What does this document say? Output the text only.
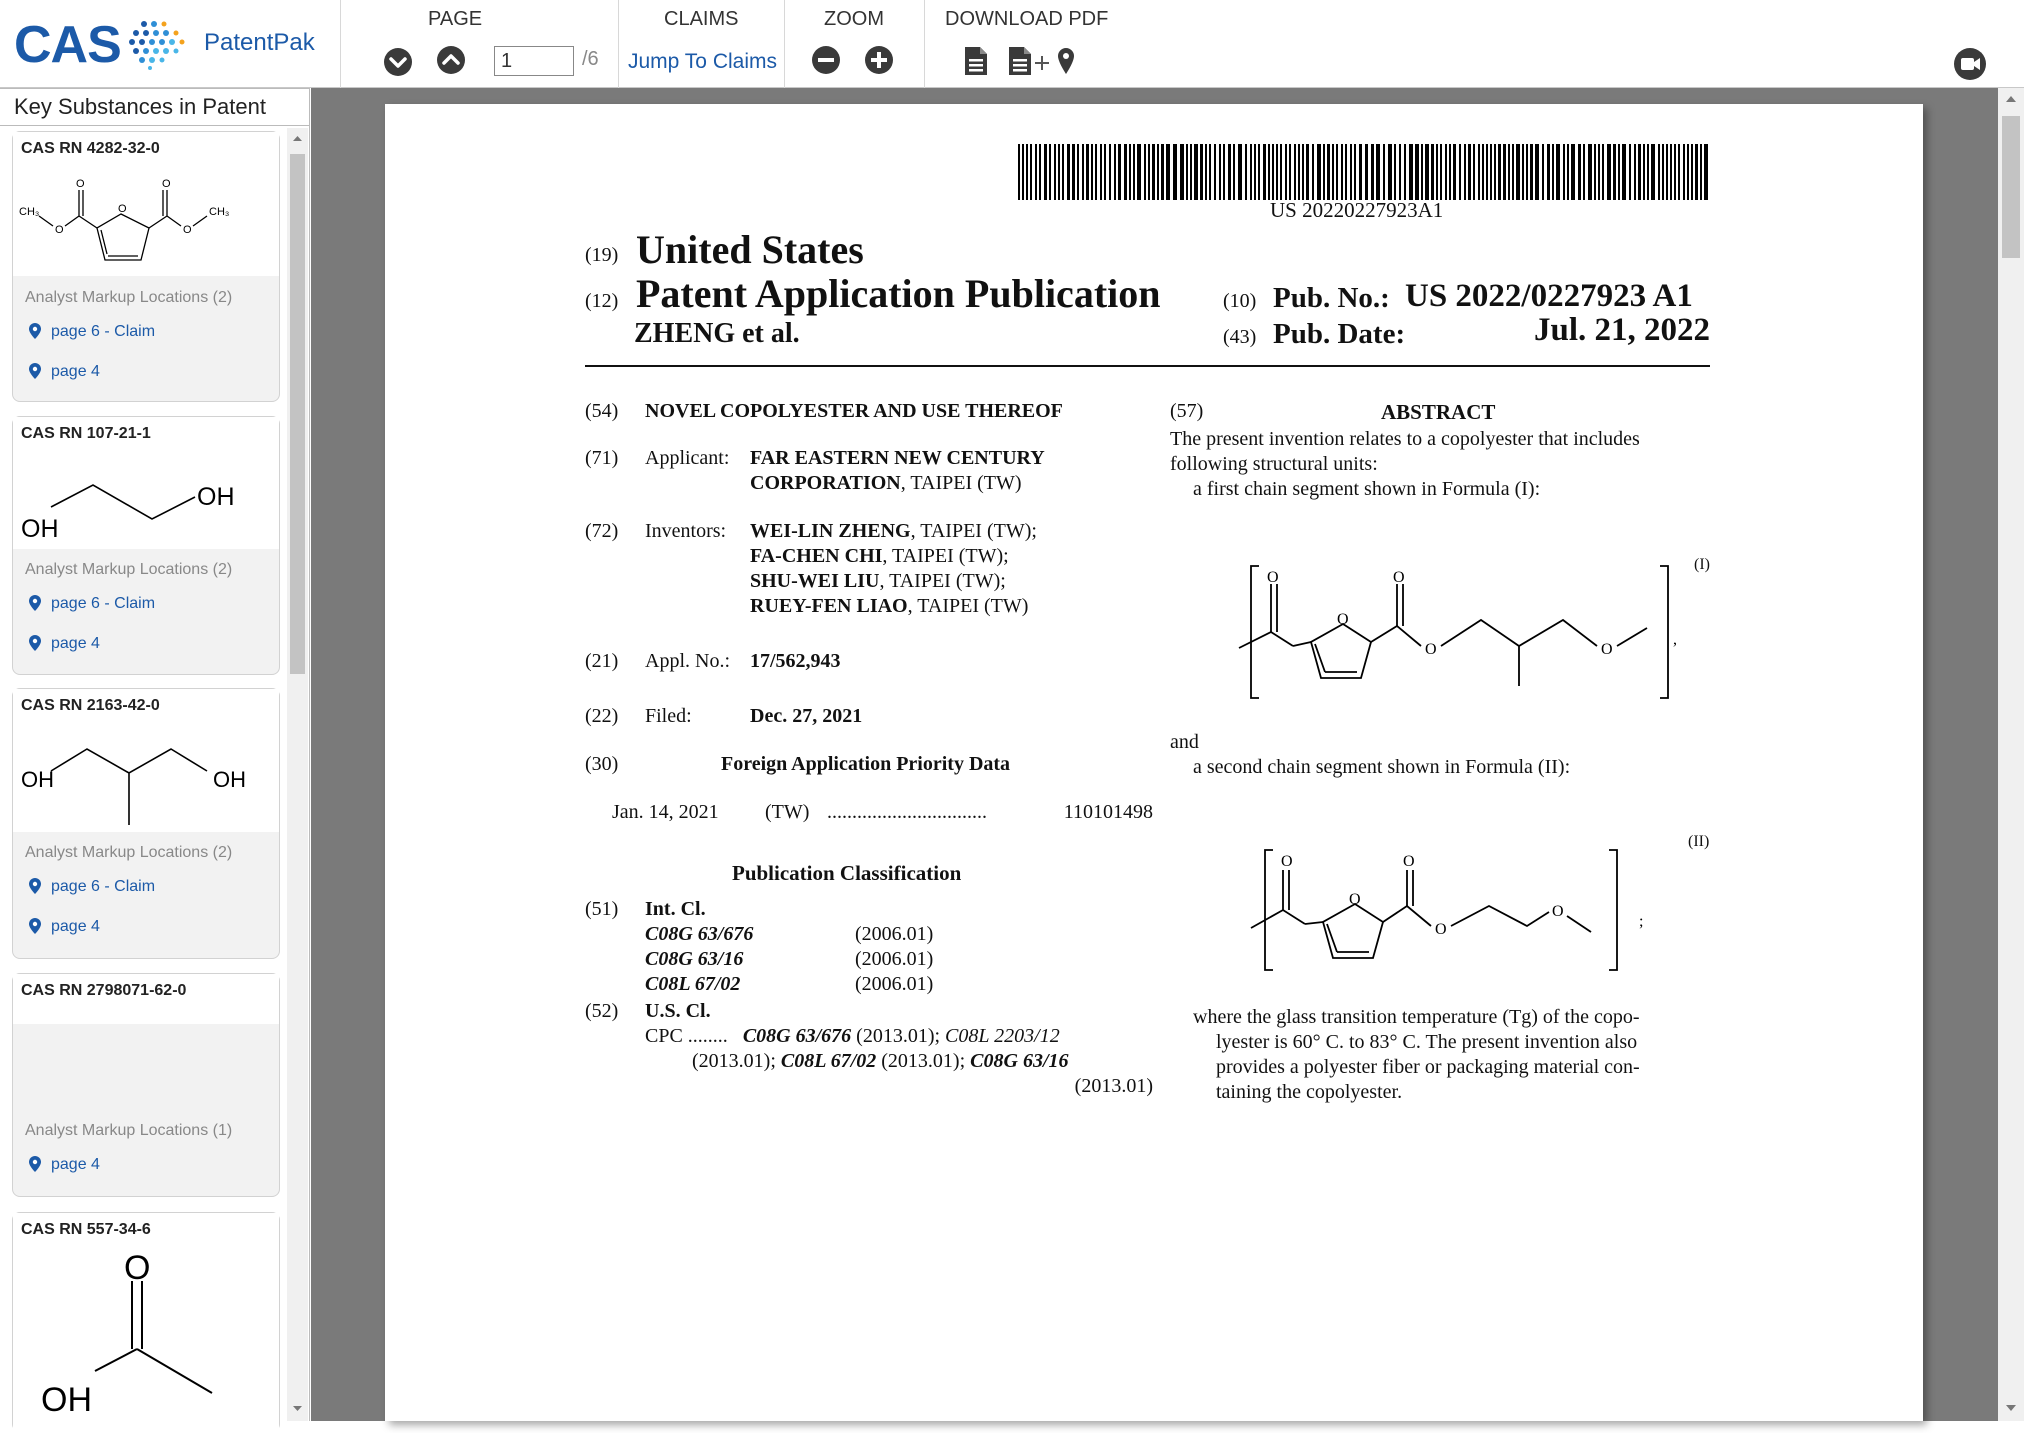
CAS	PatentPak
PAGE
1
/6
CLAIMS
Jump To Claims
ZOOM	DOWNLOAD PDF
Key Substances in Patent
CAS RN 4282-32-0
O
O	O
O	O
CH₃	CH₃
Analyst Markup Locations (2)
page 6 - Claim
page 4
CAS RN 107-21-1
OH
OH
Analyst Markup Locations (2)
page 6 - Claim
page 4
CAS RN 2163-42-0
OH	OH
Analyst Markup Locations (2)
page 6 - Claim
page 4
CAS RN 2798071-62-0
Analyst Markup Locations (1)
page 4
CAS RN 557-34-6
O
OH
US 20220227923A1
(19) United States
(12) Patent Application Publication
ZHENG et al.
(10) Pub. No.: US 2022/0227923 A1
(43) Pub. Date:	Jul. 21, 2022
(54) NOVEL COPOLYESTER AND USE THEREOF
(71) Applicant: FAR EASTERN NEW CENTURY
CORPORATION, TAIPEI (TW)
(72) Inventors: WEI-LIN ZHENG, TAIPEI (TW);
FA-CHEN CHI, TAIPEI (TW);
SHU-WEI LIU, TAIPEI (TW);
RUEY-FEN LIAO, TAIPEI (TW)
(21) Appl. No.: 17/562,943
(22) Filed:	Dec. 27, 2021
(30)	Foreign Application Priority Data
Jan. 14, 2021 (TW) ................................	110101498
Publication Classification
(51) Int. Cl.
C08G 63/676	(2006.01)
C08G 63/16	(2006.01)
C08L 67/02	(2006.01)
(52) U.S. Cl.
CPC ........ C08G 63/676 (2013.01); C08L 2203/12
(2013.01); C08L 67/02 (2013.01); C08G 63/16
(2013.01)
(57)	ABSTRACT
The present invention relates to a copolyester that includes
following structural units:
a first chain segment shown in Formula (I):
(I)
O	O
O
O	O
,
and
a second chain segment shown in Formula (II):
(II)
O	O
O
O
O
;
where the glass transition temperature (Tg) of the copo-
lyester is 60° C. to 83° C. The present invention also
provides a polyester fiber or packaging material con-
taining the copolyester.
